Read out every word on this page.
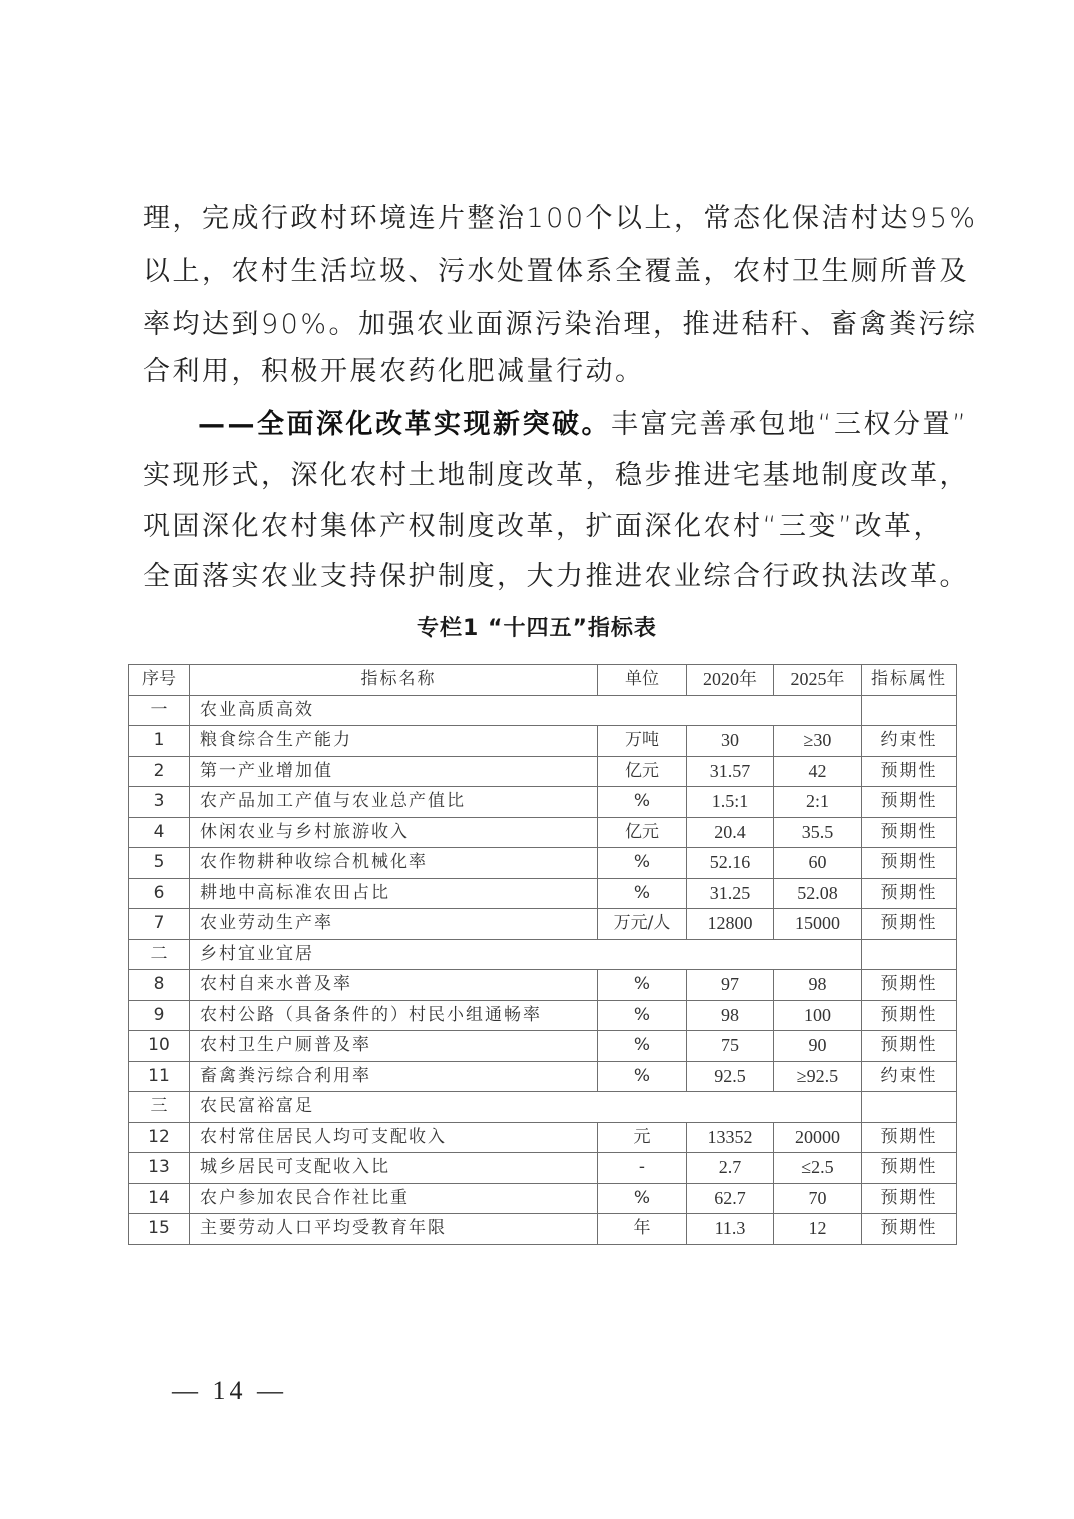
理，完成行政村环境连片整治100个以上，常态化保洁村达95%
以上，农村生活垃圾、污水处置体系全覆盖，农村卫生厕所普及
率均达到90%。加强农业面源污染治理，推进秸秆、畜禽粪污综
合利用，积极开展农药化肥减量行动。
——全面深化改革实现新突破。丰富完善承包地“三权分置”
实现形式，深化农村土地制度改革，稳步推进宅基地制度改革，
巩固深化农村集体产权制度改革，扩面深化农村“三变”改革，
全面落实农业支持保护制度，大力推进农业综合行政执法改革。
专栏1 “十四五”指标表
序号	指标名称	单位	2020年	2025年	指标属性
一	农业高质高效				
1	粮食综合生产能力	万吨	30	≥30	约束性
2	第一产业增加值	亿元	31.57	42	预期性
3	农产品加工产值与农业总产值比	%	1.5:1	2:1	预期性
4	休闲农业与乡村旅游收入	亿元	20.4	35.5	预期性
5	农作物耕种收综合机械化率	%	52.16	60	预期性
6	耕地中高标准农田占比	%	31.25	52.08	预期性
7	农业劳动生产率	万元/人	12800	15000	预期性
二	乡村宜业宜居				
8	农村自来水普及率	%	97	98	预期性
9	农村公路（具备条件的）村民小组通畅率	%	98	100	预期性
10	农村卫生户厕普及率	%	75	90	预期性
11	畜禽粪污综合利用率	%	92.5	≥92.5	约束性
三	农民富裕富足				
12	农村常住居民人均可支配收入	元	13352	20000	预期性
13	城乡居民可支配收入比	-	2.7	≤2.5	预期性
14	农户参加农民合作社比重	%	62.7	70	预期性
15	主要劳动人口平均受教育年限	年	11.3	12	预期性
— 14 —
